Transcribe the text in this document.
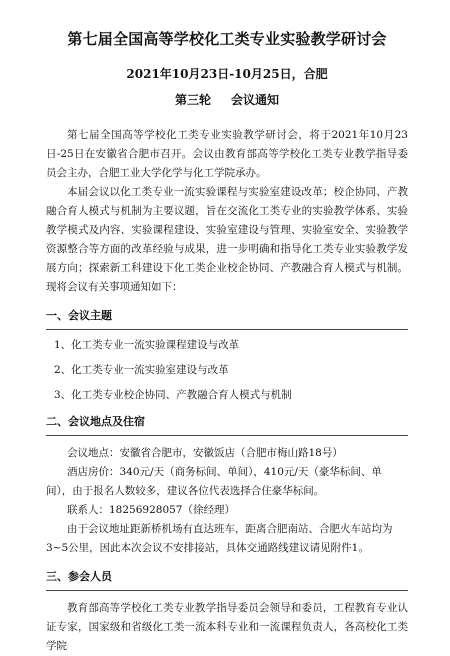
第七届全国高等学校化工类专业实验教学研讨会
2021年10月23日-10月25日，合肥
第三轮 会议通知

第七届全国高等学校化工类专业实验教学研讨会，将于2021年10月23日-25日在安徽省合肥市召开。会议由教育部高等学校化工类专业教学指导委员会主办，合肥工业大学化学与化工学院承办。

本届会议以化工类专业一流实验课程与实验室建设改革；校企协同、产教融合育人模式与机制为主要议题，旨在交流化工类专业的实验教学体系、实验教学模式及内容、实验课程建设、实验室建设与管理、实验室安全、实验教学资源整合等方面的改革经验与成果，进一步明确和指导化工类专业实验教学发展方向；探索新工科建设下化工类企业校企协同、产教融合育人模式与机制。现将会议有关事项通知如下：

一、会议主题
1、化工类专业一流实验课程建设与改革
2、化工类专业一流实验室建设与改革
3、化工类专业校企协同、产教融合育人模式与机制
二、会议地点及住宿

会议地点：安徽省合肥市，安徽饭店（合肥市梅山路18号）

酒店房价：340元/天（商务标间、单间），410元/天（豪华标间、单间），由于报名人数较多，建议各位代表选择合住豪华标间。

联系人：18256928057（徐经理）

由于会议地址距新桥机场有直达班车，距离合肥南站、合肥火车站均为3~5公里，因此本次会议不安排接站，具体交通路线建议请见附件1。

三、参会人员

教育部高等学校化工类专业教学指导委员会领导和委员，工程教育专业认证专家，国家级和省级化工类一流本科专业和一流课程负责人，各高校化工类学院
